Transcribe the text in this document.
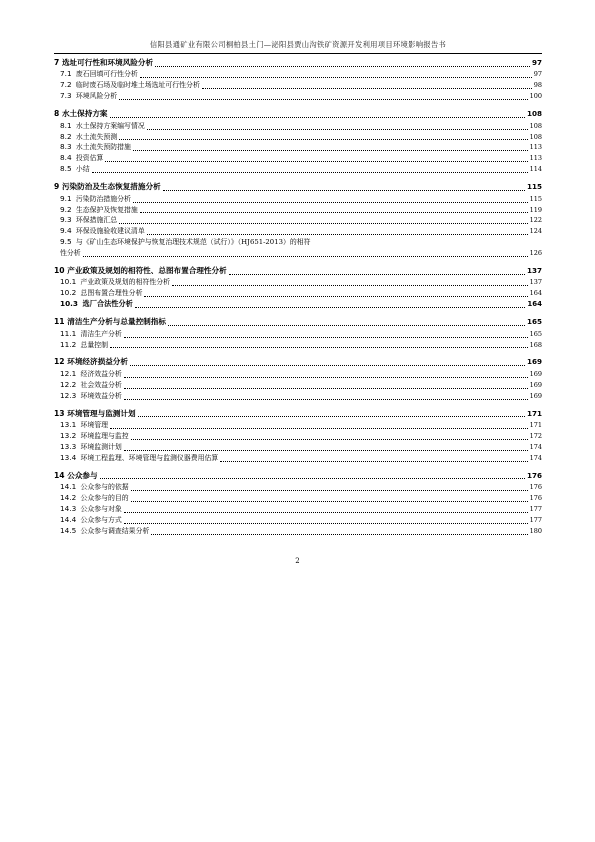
信阳县通矿业有限公司桐柏县土门—泌阳县贾山沟铁矿资源开发利用项目环境影响报告书
7 选址可行性和环境风险分析	97
7.1 废石回填可行性分析	97
7.2 临时废石场及临时堆土场选址可行性分析	98
7.3 环境风险分析	100
8 水土保持方案	108
8.1 水土保持方案编写情况	108
8.2 水土流失预测	108
8.3 水土流失预防措施	113
8.4 投资估算	113
8.5 小结	114
9 污染防治及生态恢复措施分析	115
9.1 污染防治措施分析	115
9.2 生态保护及恢复措施	119
9.3 环保措施汇总	122
9.4 环保设施验收建议清单	124
9.5 与《矿山生态环境保护与恢复治理技术规范（试行）》（HJ651-2013）的相符
性分析	126
10 产业政策及规划的相符性、总图布置合理性分析	137
10.1 产业政策及规划的相符性分析	137
10.2 总图布置合理性分析	164
10.3 选厂合法性分析	164
11 清洁生产分析与总量控制指标	165
11.1 清洁生产分析	165
11.2 总量控制	168
12 环境经济损益分析	169
12.1 经济效益分析	169
12.2 社会效益分析	169
12.3 环境效益分析	169
13 环境管理与监测计划	171
13.1 环境管理	171
13.2 环境监理与监控	172
13.3 环境监测计划	174
13.4 环境工程监理、环境管理与监测仪器费用估算	174
14 公众参与	176
14.1 公众参与的依据	176
14.2 公众参与的目的	176
14.3 公众参与对象	177
14.4 公众参与方式	177
14.5 公众参与调查结果分析	180
2
